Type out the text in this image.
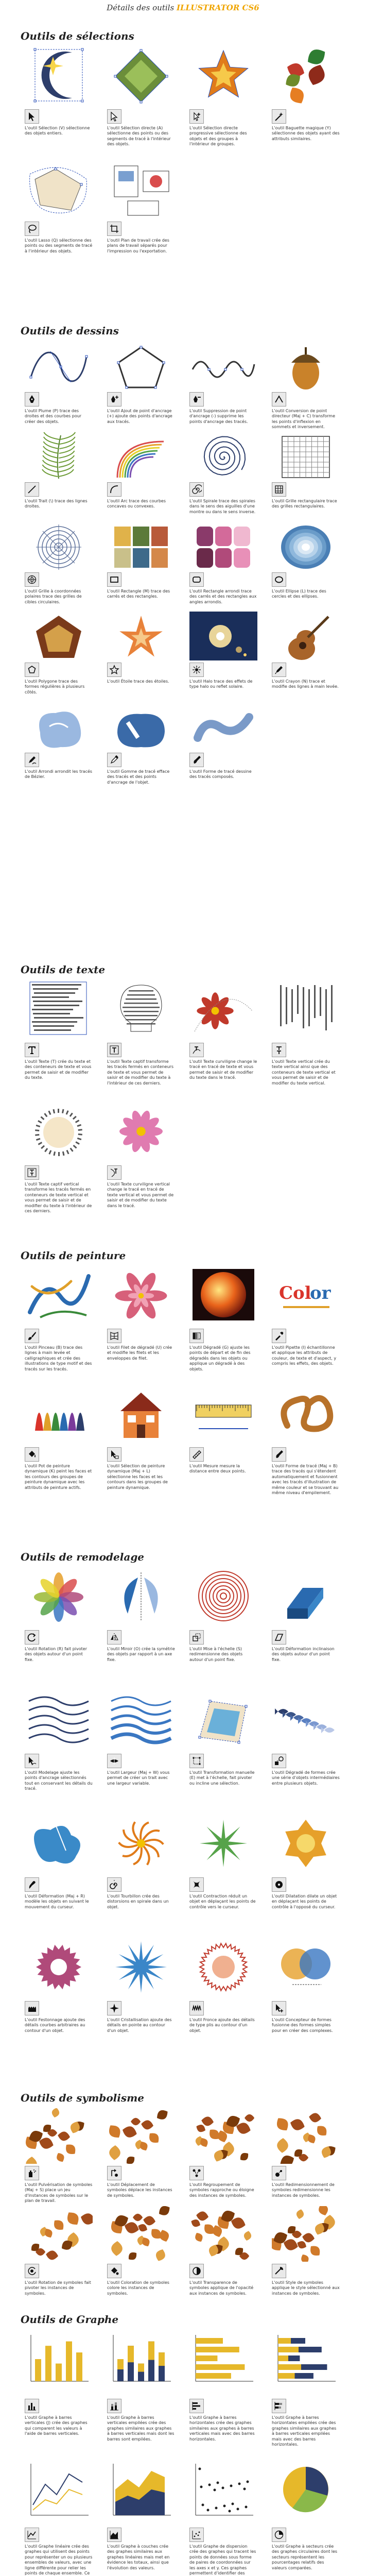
Détails des outils ILLUSTRATOR CS6
Outils de sélections
L'outil Sélection (V) sélectionne des objets entiers.
L'outil Sélection directe (A) sélectionne des points ou des segments de tracé à l'intérieur des objets.
L'outil Sélection directe progressive sélectionne des objets et des groupes à l'intérieur de groupes.
L'outil Baguette magique (Y) sélectionne des objets ayant des attributs similaires.
L'outil Lasso (Q) sélectionne des points ou des segments de tracé à l'intérieur des objets.
L'outil Plan de travail crée des plans de travail séparés pour l'impression ou l'exportation.
Outils de dessins
L'outil Plume (P) trace des droites et des courbes pour créer des objets.
L'outil Ajout de point d'ancrage (+) ajoute des points d'ancrage aux tracés.
L'outil Suppression de point d'ancrage (-) supprime les points d'ancrage des tracés.
L'outil Conversion de point directeur (Maj + C) transforme les points d'inflexion en sommets et inversement.
L'outil Trait (\) trace des lignes droites.
L'outil Arc trace des courbes concaves ou convexes.
L'outil Spirale trace des spirales dans le sens des aiguilles d'une montre ou dans le sens inverse.
L'outil Grille rectangulaire trace des grilles rectangulaires.
L'outil Grille à coordonnées polaires trace des grilles de cibles circulaires.
L'outil Rectangle (M) trace des carrés et des rectangles.
L'outil Rectangle arrondi trace des carrés et des rectangles aux angles arrondis.
L'outil Ellipse (L) trace des cercles et des ellipses.
L'outil Polygone trace des formes régulières à plusieurs côtés.
L'outil Étoile trace des étoiles.	L'outil Halo trace des effets de type halo ou reflet solaire.
L'outil Crayon (N) trace et modifie des lignes à main levée.
L'outil Arrondi arrondit les tracés de Bézier.
L'outil Gomme de tracé efface des tracés et des points d'ancrage de l'objet.
L'outil Forme de tracé dessine des tracés composés.
Outils de texte
L'outil Texte (T) crée du texte et des conteneurs de texte et vous permet de saisir et de modifier du texte.
L'outil Texte captif transforme les tracés fermés en conteneurs de texte et vous permet de saisir et de modifier du texte à l'intérieur de ces derniers.
L'outil Texte curviligne change le tracé en tracé de texte et vous permet de saisir et de modifier du texte dans le tracé.
L'outil Texte vertical crée du texte vertical ainsi que des conteneurs de texte vertical et vous permet de saisir et de modifier du texte vertical.
L'outil Texte captif vertical transforme les tracés fermés en conteneurs de texte vertical et vous permet de saisir et de modifier du texte à l'intérieur de ces derniers.
L'outil Texte curviligne vertical change le tracé en tracé de texte vertical et vous permet de saisir et de modifier du texte dans le tracé.
Outils de peinture
L'outil Pinceau (B) trace des lignes à main levée et calligraphiques et crée des illustrations de type motif et des tracés sur les tracés.
L'outil Filet de dégradé (U) crée et modifie les filets et les enveloppes de filet.
L'outil Dégradé (G) ajuste les points de départ et de fin des dégradés dans les objets ou applique un dégradé à des objets.
Col
or
L'outil Pipette (I) échantillonne et applique les attributs de couleur, de texte et d'aspect, y compris les effets, des objets.
L'outil Pot de peinture dynamique (K) peint les faces et les contours des groupes de peinture dynamique avec les attributs de peinture actifs.
L'outil Sélection de peinture dynamique (Maj + L) sélectionne les faces et les contours dans les groupes de peinture dynamique.
L'outil Mesure mesure la distance entre deux points.
L'outil Forme de tracé (Maj + B) trace des tracés qui s'étendent automatiquement et fusionnent avec les tracés d'illustration de même couleur et se trouvant au même niveau d'empilement.
Outils de remodelage
L'outil Rotation (R) fait pivoter des objets autour d'un point fixe.
L'outil Miroir (O) crée la symétrie des objets par rapport à un axe fixe.
L'outil Mise à l'échelle (S) redimensionne des objets autour d'un point fixe.
L'outil Déformation inclinaison des objets autour d'un point fixe.
L'outil Modelage ajuste les points d'ancrage sélectionnés tout en conservant les détails du tracé.
L'outil Largeur (Maj + W) vous permet de créer un trait avec une largeur variable.
L'outil Transformation manuelle (E) met à l'échelle, fait pivoter ou incline une sélection.
L'outil Dégradé de formes crée une série d'objets intermédiaires entre plusieurs objets.
L'outil Déformation (Maj + R) modèle les objets en suivant le mouvement du curseur.
L'outil Tourbillon crée des distorsions en spirale dans un objet.
L'outil Contraction réduit un objet en déplaçant les points de contrôle vers le curseur.
L'outil Dilatation dilate un objet en déplaçant les points de contrôle à l'opposé du curseur.
L'outil Festonnage ajoute des détails courbes arbitraires au contour d'un objet.
L'outil Cristallisation ajoute des détails en pointe au contour d'un objet.
L'outil Fronce ajoute des détails de type plis au contour d'un objet.
L'outil Concepteur de formes fusionne des formes simples pour en créer des complexes.
Outils de symbolisme
L'outil Pulvérisation de symboles (Maj + S) place un jeu d'instances de symboles sur le plan de travail.
L'outil Déplacement de symboles déplace les instances de symboles.
L'outil Regroupement de symboles rapproche ou éloigne des instances de symboles.
L'outil Redimensionnement de symboles redimensionne les instances de symboles.
L'outil Rotation de symboles fait pivoter les instances de symboles.
L'outil Coloration de symboles colore les instances de symboles.
L'outil Transparence de symboles applique de l'opacité aux instances de symboles.
L'outil Style de symboles applique le style sélectionné aux instances de symboles.
Outils de Graphe
L'outil Graphe à barres verticales (J) crée des graphes qui comparent les valeurs à l'aide de barres verticales.
L'outil Graphe à barres verticales empilées crée des graphes similaires aux graphes à barres verticales mais dont les barres sont empilées.
L'outil Graphe à barres horizontales crée des graphes similaires aux graphes à barres verticales mais avec des barres horizontales.
L'outil Graphe à barres horizontales empilées crée des graphes similaires aux graphes à barres verticales empilées mais avec des barres horizontales.
L'outil Graphe linéaire crée des graphes qui utilisent des points pour représenter un ou plusieurs ensembles de valeurs, avec une ligne différente pour relier les points de chaque ensemble. Ce
L'outil Graphe à couches crée des graphes similaires aux graphes linéaires mais met en évidence les totaux, ainsi que l'évolution des valeurs.
L'outil Graphe de dispersion crée des graphes qui tracent les points de données sous forme de paires de coordonnées sur les axes x et y. Ces graphes permettent d'identifier des
L'outil Graphe à secteurs crée des graphes circulaires dont les secteurs représentent les pourcentages relatifs des valeurs comparées.
